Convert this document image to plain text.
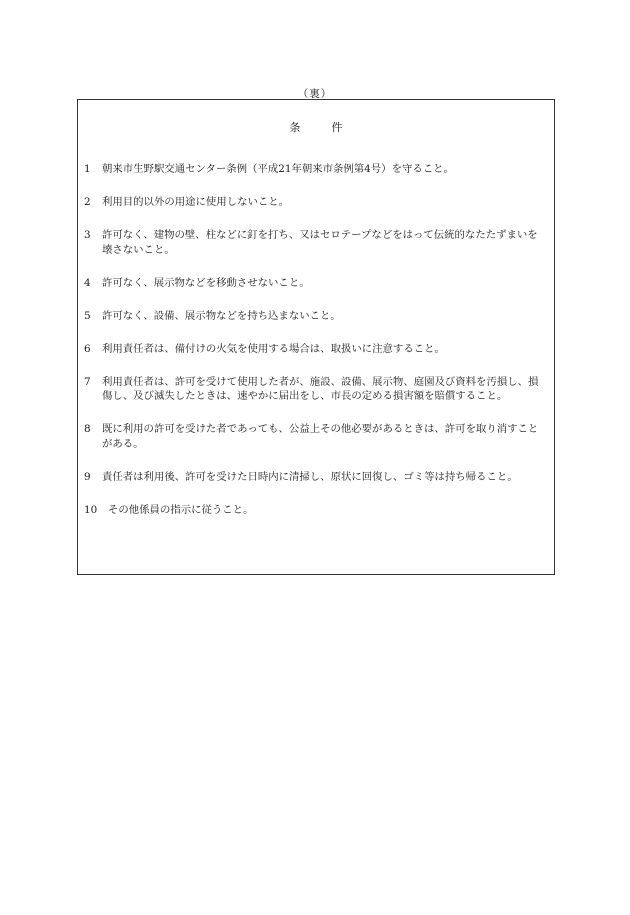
（裏）
条　件
1	朝来市生野駅交通センター条例（平成21年朝来市条例第4号）を守ること。
2	利用目的以外の用途に使用しないこと。
3	許可なく、建物の壁、柱などに釘を打ち、又はセロテープなどをはって伝統的なたたずまいを壊さないこと。
4	許可なく、展示物などを移動させないこと。
5	許可なく、設備、展示物などを持ち込まないこと。
6	利用責任者は、備付けの火気を使用する場合は、取扱いに注意すること。
7	利用責任者は、許可を受けて使用した者が、施設、設備、展示物、庭園及び資料を汚損し、損傷し、及び滅失したときは、速やかに届出をし、市長の定める損害額を賠償すること。
8	既に利用の許可を受けた者であっても、公益上その他必要があるときは、許可を取り消すことがある。
9	責任者は利用後、許可を受けた日時内に清掃し、原状に回復し、ゴミ等は持ち帰ること。
10	その他係員の指示に従うこと。
